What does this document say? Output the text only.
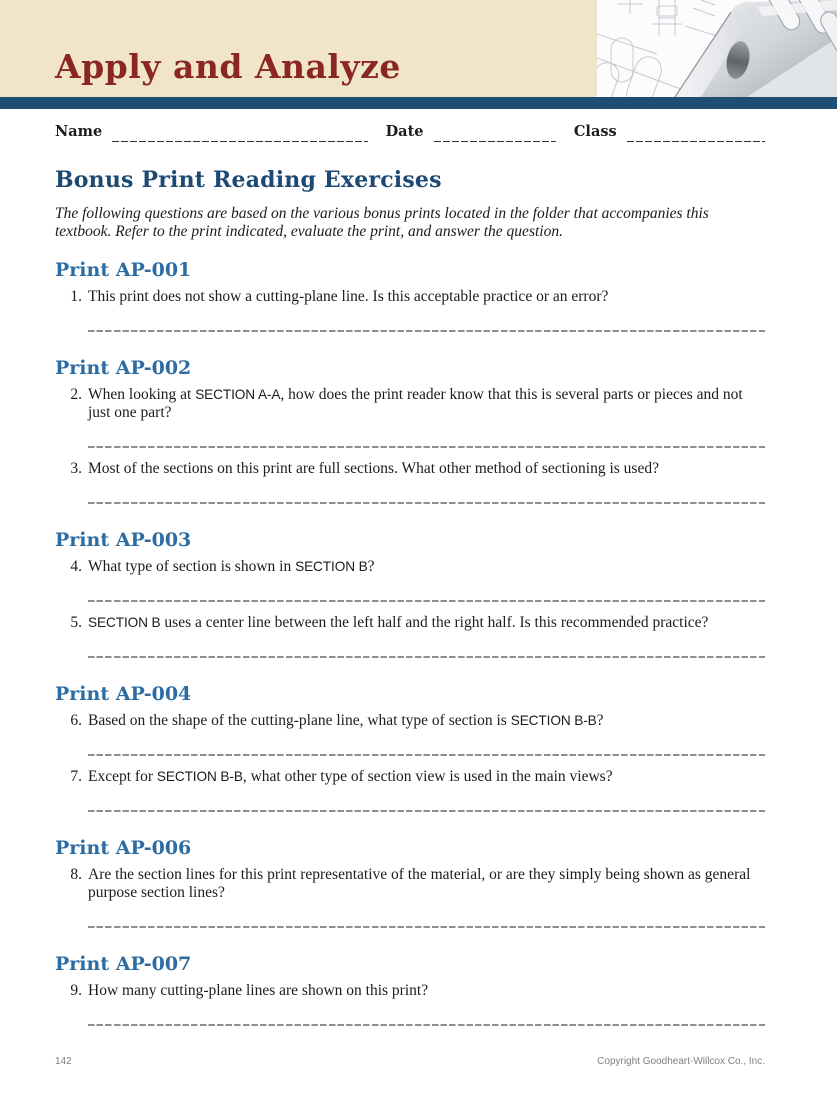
Apply and Analyze
Name	Date	Class
Bonus Print Reading Exercises

The following questions are based on the various bonus prints located in the folder that accompanies this textbook. Refer to the print indicated, evaluate the print, and answer the question.

Print AP-001
1. This print does not show a cutting-plane line. Is this acceptable practice or an error?
Print AP-002
2. When looking at SECTION A-A, how does the print reader know that this is several parts or pieces and not just one part?
3. Most of the sections on this print are full sections. What other method of sectioning is used?
Print AP-003
4. What type of section is shown in SECTION B?
5. SECTION B uses a center line between the left half and the right half. Is this recommended practice?
Print AP-004
6. Based on the shape of the cutting-plane line, what type of section is SECTION B-B?
7. Except for SECTION B-B, what other type of section view is used in the main views?
Print AP-006
8. Are the section lines for this print representative of the material, or are they simply being shown as general purpose section lines?
Print AP-007
9. How many cutting-plane lines are shown on this print?
142	Copyright Goodheart-Willcox Co., Inc.
